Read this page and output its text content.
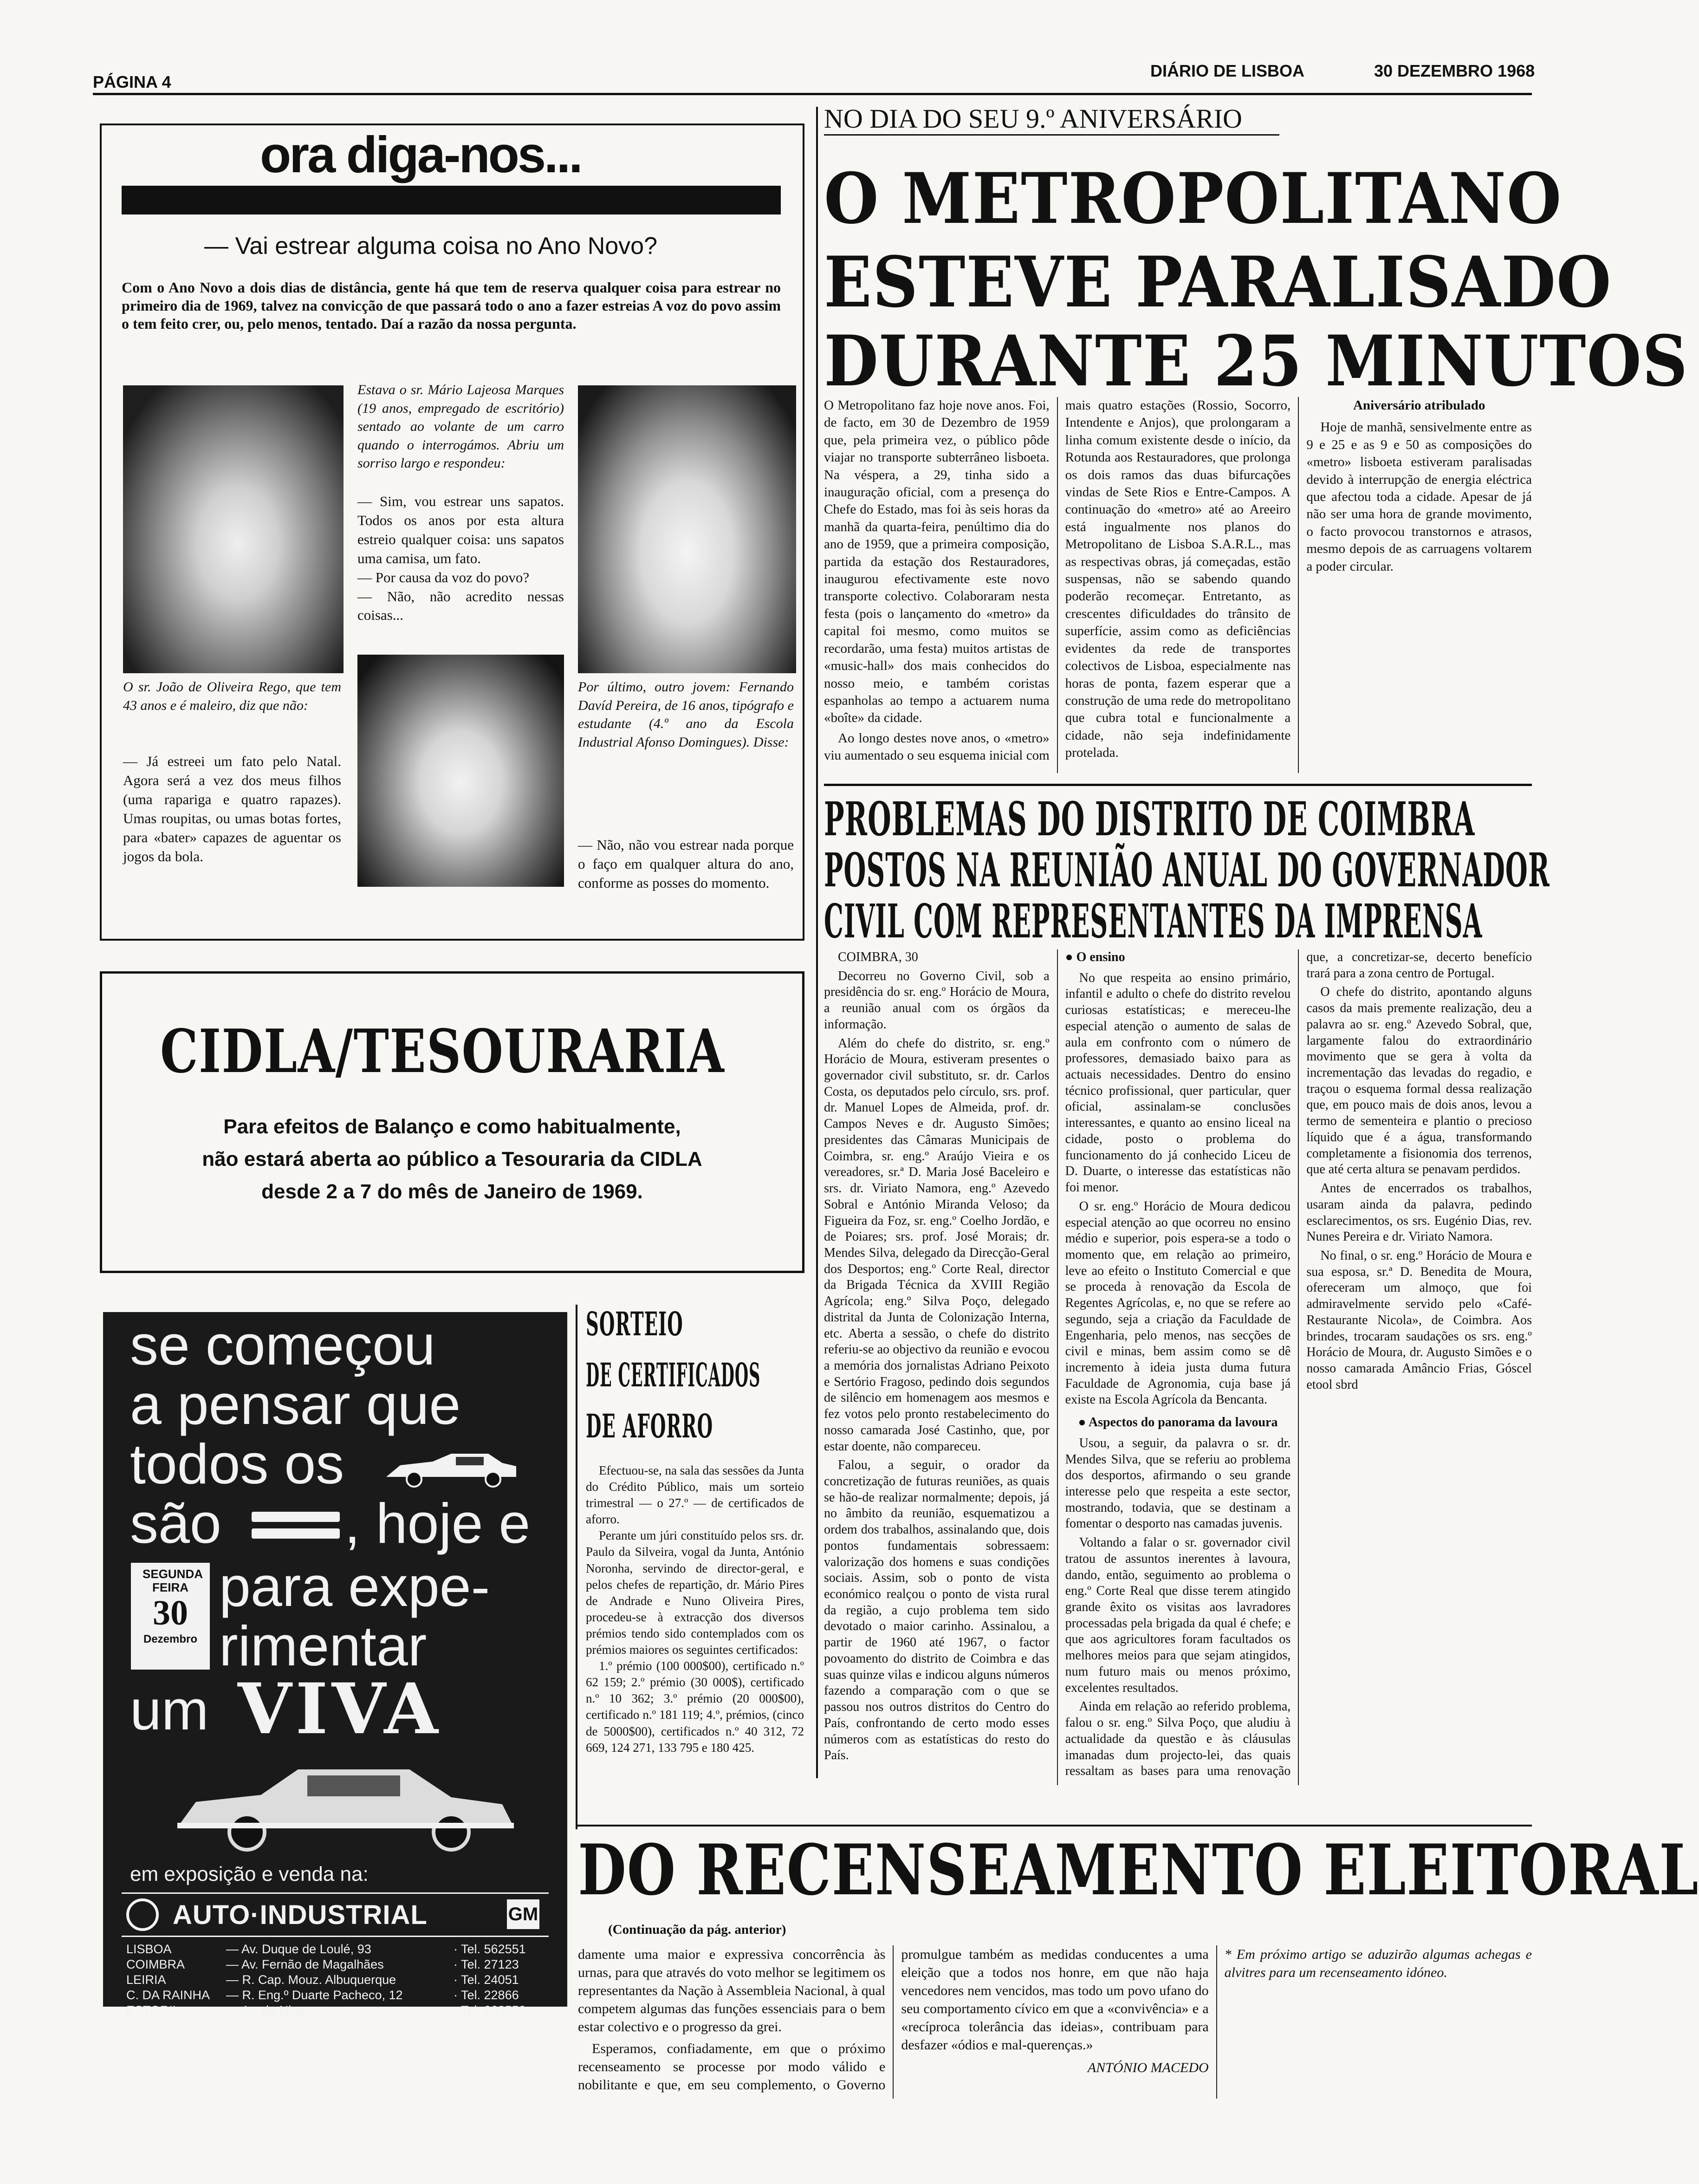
PÁGINA 4
DIÁRIO DE LISBOA	30 DEZEMBRO 1968
ora diga-nos...
— Vai estrear alguma coisa no Ano Novo?
Com o Ano Novo a dois dias de distância, gente há que tem de reserva qualquer coisa para estrear no primeiro dia de 1969, talvez na convicção de que passará todo o ano a fazer estreias A voz do povo assim o tem feito crer, ou, pelo menos, tentado. Daí a razão da nossa pergunta.
O sr. João de Oliveira Rego, que tem 43 anos e é maleiro, diz que não:
— Já estreei um fato pelo Natal. Agora será a vez dos meus filhos (uma rapariga e quatro rapazes). Umas roupitas, ou umas botas fortes, para «bater» capazes de aguentar os jogos da bola.
Estava o sr. Mário Lajeosa Marques (19 anos, empregado de escritório) sentado ao volante de um carro quando o interrogámos. Abriu um sorriso largo e respondeu:
— Sim, vou estrear uns sapatos. Todos os anos por esta altura estreio qualquer coisa: uns sapatos uma camisa, um fato.
— Por causa da voz do povo?
— Não, não acredito nessas coisas...
Por último, outro jovem: Fernando Davíd Pereira, de 16 anos, tipógrafo e estudante (4.º ano da Escola Industrial Afonso Domingues). Disse:
— Não, não vou estrear nada porque o faço em qualquer altura do ano, conforme as posses do momento.
CIDLA/TESOURARIA
Para efeitos de Balanço e como habitualmente,
não estará aberta ao público a Tesouraria da CIDLA
desde 2 a 7 do mês de Janeiro de 1969.
se começou
a pensar que
todos os
são , hoje e
SEGUNDA FEIRA
30
Dezembro
para expe-
rimentar
um VIVA
em exposição e venda na:
AUTO·INDUSTRIAL	GM
LISBOA	— Av. Duque de Loulé, 93	· Tel. 562551
COIMBRA	— Av. Fernão de Magalhães	· Tel. 27123
LEIRIA	— R. Cap. Mouz. Albuquerque	· Tel. 24051
C. DA RAINHA	— R. Eng.º Duarte Pacheco, 12	· Tel. 22866
ESTORIL	— Av. de Nice	· Tel. 263550
SORTEIO
DE CERTIFICADOS
DE AFORRO

Efectuou-se, na sala das sessões da Junta do Crédito Público, mais um sorteio trimestral — o 27.º — de certificados de aforro.

Perante um júri constituído pelos srs. dr. Paulo da Silveira, vogal da Junta, António Noronha, servindo de director-geral, e pelos chefes de repartição, dr. Mário Pires de Andrade e Nuno Oliveira Pires, procedeu-se à extracção dos diversos prémios tendo sido contemplados com os prémios maiores os seguintes certificados:

1.º prémio (100 000$00), certificado n.º 62 159; 2.º prémio (30 000$), certificado n.º 10 362; 3.º prémio (20 000$00), certificado n.º 181 119; 4.º, prémios, (cinco de 5000$00), certificados n.º 40 312, 72 669, 124 271, 133 795 e 180 425.

NO DIA DO SEU 9.º ANIVERSÁRIO
O METROPOLITANO
ESTEVE PARALISADO
DURANTE 25 MINUTOS

O Metropolitano faz hoje nove anos. Foi, de facto, em 30 de Dezembro de 1959 que, pela primeira vez, o público pôde viajar no transporte subterrâneo lisboeta. Na véspera, a 29, tinha sido a inauguração oficial, com a presença do Chefe do Estado, mas foi às seis horas da manhã da quarta-feira, penúltimo dia do ano de 1959, que a primeira composição, partida da estação dos Restauradores, inaugurou efectivamente este novo transporte colectivo. Colaboraram nesta festa (pois o lançamento do «metro» da capital foi mesmo, como muitos se recordarão, uma festa) muitos artistas de «music-hall» dos mais conhecidos do nosso meio, e também coristas espanholas ao tempo a actuarem numa «boîte» da cidade.

Ao longo destes nove anos, o «metro» viu aumentado o seu esquema inicial com mais quatro estações (Rossio, Socorro, Intendente e Anjos), que prolongaram a linha comum existente desde o início, da Rotunda aos Restauradores, que prolonga os dois ramos das duas bifurcações vindas de Sete Rios e Entre-Campos. A continuação do «metro» até ao Areeiro está ingualmente nos planos do Metropolitano de Lisboa S.A.R.L., mas as respectivas obras, já começadas, estão suspensas, não se sabendo quando poderão recomeçar. Entretanto, as crescentes dificuldades do trânsito de superfície, assim como as deficiências evidentes da rede de transportes colectivos de Lisboa, especialmente nas horas de ponta, fazem esperar que a construção de uma rede do metropolitano que cubra total e funcionalmente a cidade, não seja indefinidamente protelada.

Aniversário atribulado

Hoje de manhã, sensivelmente entre as 9 e 25 e as 9 e 50 as composições do «metro» lisboeta estiveram paralisadas devido à interrupção de energia eléctrica que afectou toda a cidade. Apesar de já não ser uma hora de grande movimento, o facto provocou transtornos e atrasos, mesmo depois de as carruagens voltarem a poder circular.

PROBLEMAS DO DISTRITO DE COIMBRA
POSTOS NA REUNIÃO ANUAL DO GOVERNADOR
CIVIL COM REPRESENTANTES DA IMPRENSA

COIMBRA, 30

Decorreu no Governo Civil, sob a presidência do sr. eng.º Horácio de Moura, a reunião anual com os órgãos da informação.

Além do chefe do distrito, sr. eng.º Horácio de Moura, estiveram presentes o governador civil substituto, sr. dr. Carlos Costa, os deputados pelo círculo, srs. prof. dr. Manuel Lopes de Almeida, prof. dr. Campos Neves e dr. Augusto Simões; presidentes das Câmaras Municipais de Coimbra, sr. eng.º Araújo Vieira e os vereadores, sr.ª D. Maria José Baceleiro e srs. dr. Viriato Namora, eng.º Azevedo Sobral e António Miranda Veloso; da Figueira da Foz, sr. eng.º Coelho Jordão, e de Poiares; srs. prof. José Morais; dr. Mendes Silva, delegado da Direcção-Geral dos Desportos; eng.º Corte Real, director da Brigada Técnica da XVIII Região Agrícola; eng.º Silva Poço, delegado distrital da Junta de Colonização Interna, etc. Aberta a sessão, o chefe do distrito referiu-se ao objectivo da reunião e evocou a memória dos jornalistas Adriano Peixoto e Sertório Fragoso, pedindo dois segundos de silêncio em homenagem aos mesmos e fez votos pelo pronto restabelecimento do nosso camarada José Castinho, que, por estar doente, não compareceu.

Falou, a seguir, o orador da concretização de futuras reuniões, as quais se hão-de realizar normalmente; depois, já no âmbito da reunião, esquematizou a ordem dos trabalhos, assinalando que, dois pontos fundamentais sobressaem: valorização dos homens e suas condições sociais. Assim, sob o ponto de vista económico realçou o ponto de vista rural da região, a cujo problema tem sido devotado o maior carinho. Assinalou, a partir de 1960 até 1967, o factor povoamento do distrito de Coimbra e das suas quinze vilas e indicou alguns números fazendo a comparação com o que se passou nos outros distritos do Centro do País, confrontando de certo modo esses números com as estatísticas do resto do País.

● O ensino

No que respeita ao ensino primário, infantil e adulto o chefe do distrito revelou curiosas estatísticas; e mereceu-lhe especial atenção o aumento de salas de aula em confronto com o número de professores, demasiado baixo para as actuais necessidades. Dentro do ensino técnico profissional, quer particular, quer oficial, assinalam-se conclusões interessantes, e quanto ao ensino liceal na cidade, posto o problema do funcionamento do já conhecido Liceu de D. Duarte, o interesse das estatísticas não foi menor.

O sr. eng.º Horácio de Moura dedicou especial atenção ao que ocorreu no ensino médio e superior, pois espera-se a todo o momento que, em relação ao primeiro, leve ao efeito o Instituto Comercial e que se proceda à renovação da Escola de Regentes Agrícolas, e, no que se refere ao segundo, seja a criação da Faculdade de Engenharia, pelo menos, nas secções de civil e minas, bem assim como se dê incremento à ideia justa duma futura Faculdade de Agronomia, cuja base já existe na Escola Agrícola da Bencanta.

● Aspectos do panorama da lavoura

Usou, a seguir, da palavra o sr. dr. Mendes Silva, que se referiu ao problema dos desportos, afirmando o seu grande interesse pelo que respeita a este sector, mostrando, todavia, que se destinam a fomentar o desporto nas camadas juvenis.

Voltando a falar o sr. governador civil tratou de assuntos inerentes à lavoura, dando, então, seguimento ao problema o eng.º Corte Real que disse terem atingido grande êxito os visitas aos lavradores processadas pela brigada da qual é chefe; e que aos agricultores foram facultados os melhores meios para que sejam atingidos, num futuro mais ou menos próximo, excelentes resultados.

Ainda em relação ao referido problema, falou o sr. eng.º Silva Poço, que aludiu à actualidade da questão e às cláusulas imanadas dum projecto-lei, das quais ressaltam as bases para uma renovação que, a concretizar-se, decerto benefício trará para a zona centro de Portugal.

O chefe do distrito, apontando alguns casos da mais premente realização, deu a palavra ao sr. eng.º Azevedo Sobral, que, largamente falou do extraordinário movimento que se gera à volta da incrementação das levadas do regadio, e traçou o esquema formal dessa realização que, em pouco mais de dois anos, levou a termo de sementeira e plantio o precioso líquido que é a água, transformando completamente a fisionomia dos terrenos, que até certa altura se penavam perdidos.

Antes de encerrados os trabalhos, usaram ainda da palavra, pedindo esclarecimentos, os srs. Eugénio Dias, rev. Nunes Pereira e dr. Viriato Namora.

No final, o sr. eng.º Horácio de Moura e sua esposa, sr.ª D. Benedita de Moura, ofereceram um almoço, que foi admiravelmente servido pelo «Café-Restaurante Nicola», de Coimbra. Aos brindes, trocaram saudações os srs. eng.º Horácio de Moura, dr. Augusto Simões e o nosso camarada Amâncio Frias, Góscel etool sbrd

DO RECENSEAMENTO ELEITORAL
(Continuação da pág. anterior)

damente uma maior e expressiva concorrência às urnas, para que através do voto melhor se legitimem os representantes da Nação à Assembleia Nacional, à qual competem algumas das funções essenciais para o bem estar colectivo e o progresso da grei.

Esperamos, confiadamente, em que o próximo recenseamento se processe por modo válido e nobilitante e que, em seu complemento, o Governo promulgue também as medidas conducentes a uma eleição que a todos nos honre, em que não haja vencedores nem vencidos, mas todo um povo ufano do seu comportamento cívico em que a «convivência» e a «recíproca tolerância das ideias», contribuam para desfazer «ódios e mal-querenças.»

ANTÓNIO MACEDO

* Em próximo artigo se aduzirão algumas achegas e alvitres para um recenseamento idóneo.
